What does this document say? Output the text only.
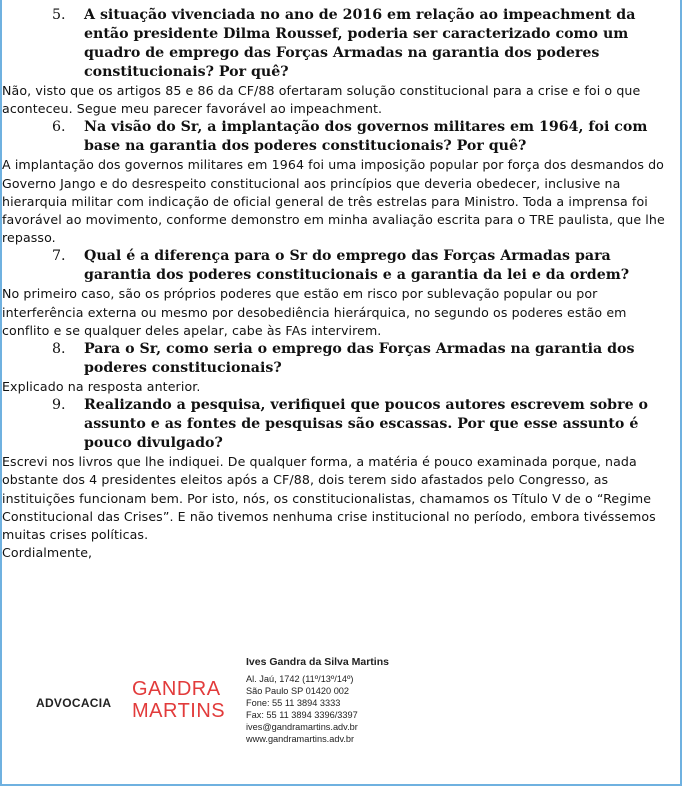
5.	A situação vivenciada no ano de 2016 em relação ao impeachment da então presidente Dilma Roussef, poderia ser caracterizado como um quadro de emprego das Forças Armadas na garantia dos poderes constitucionais? Por quê?

Não, visto que os artigos 85 e 86 da CF/88 ofertaram solução constitucional para a crise e foi o que aconteceu. Segue meu parecer favorável ao impeachment.

6.	Na visão do Sr, a implantação dos governos militares em 1964, foi com base na garantia dos poderes constitucionais? Por quê?

A implantação dos governos militares em 1964 foi uma imposição popular por força dos desmandos do Governo Jango e do desrespeito constitucional aos princípios que deveria obedecer, inclusive na hierarquia militar com indicação de oficial general de três estrelas para Ministro. Toda a imprensa foi favorável ao movimento, conforme demonstro em minha avaliação escrita para o TRE paulista, que lhe repasso.

7.	Qual é a diferença para o Sr do emprego das Forças Armadas para garantia dos poderes constitucionais e a garantia da lei e da ordem?

No primeiro caso, são os próprios poderes que estão em risco por sublevação popular ou por interferência externa ou mesmo por desobediência hierárquica, no segundo os poderes estão em conflito e se qualquer deles apelar, cabe às FAs intervirem.

8.	Para o Sr, como seria o emprego das Forças Armadas na garantia dos poderes constitucionais?

Explicado na resposta anterior.

9.	Realizando a pesquisa, verifiquei que poucos autores escrevem sobre o assunto e as fontes de pesquisas são escassas. Por que esse assunto é pouco divulgado?

Escrevi nos livros que lhe indiquei. De qualquer forma, a matéria é pouco examinada porque, nada obstante dos 4 presidentes eleitos após a CF/88, dois terem sido afastados pelo Congresso, as instituições funcionam bem. Por isto, nós, os constitucionalistas, chamamos os Título V de o “Regime Constitucional das Crises”. E não tivemos nenhuma crise institucional no período, embora tivéssemos muitas crises políticas.

Cordialmente,

ADVOCACIA
GANDRA
MARTINS
Ives Gandra da Silva Martins
Al. Jaú, 1742 (11º/13º/14º)
São Paulo SP 01420 002
Fone: 55 11 3894 3333
Fax: 55 11 3894 3396/3397
ives@gandramartins.adv.br
www.gandramartins.adv.br
